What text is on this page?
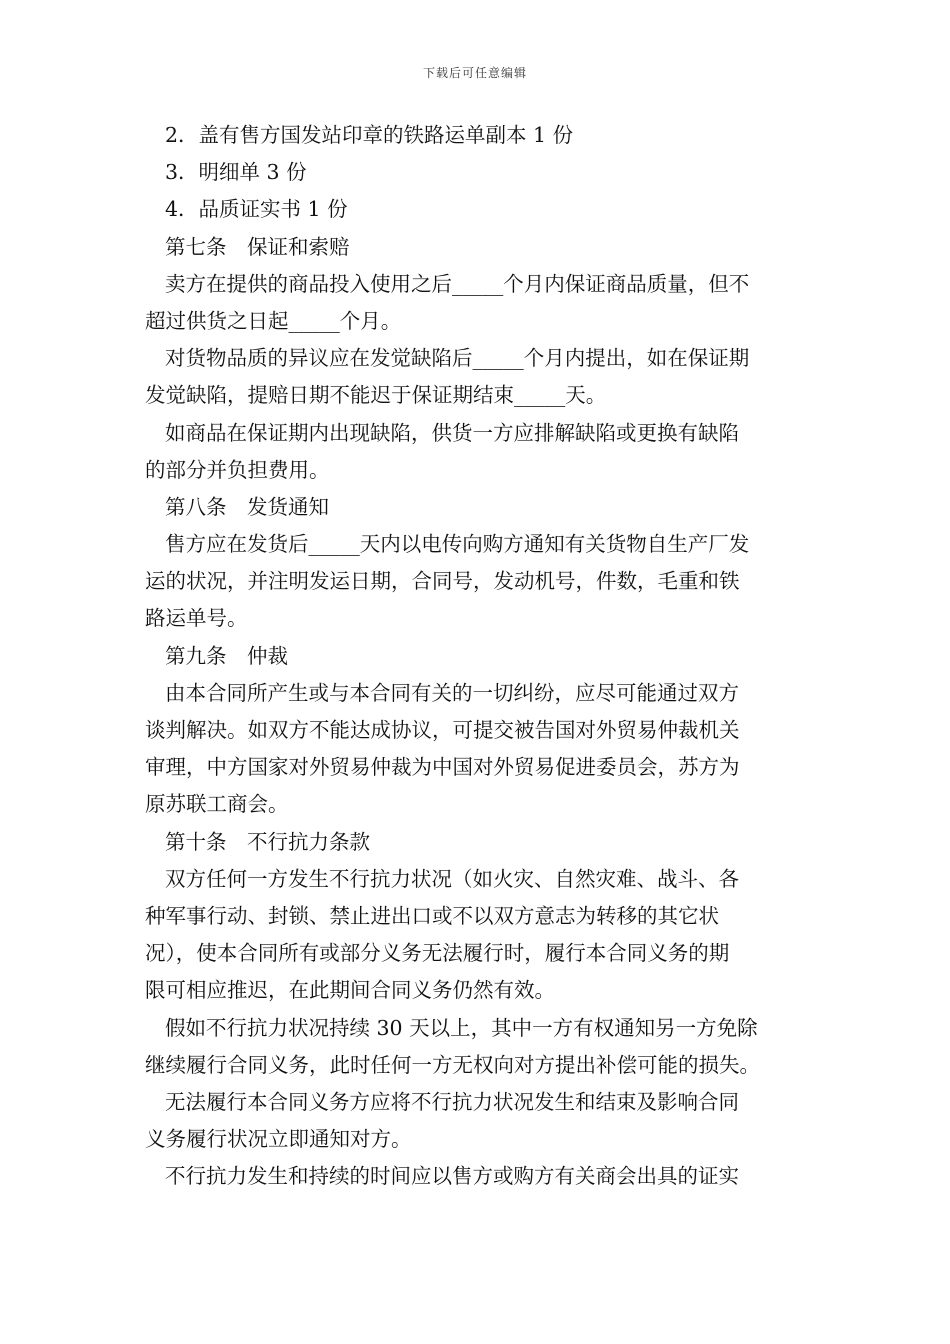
下载后可任意编辑
2．盖有售方国发站印章的铁路运单副本 1 份
3．明细单 3 份
4．品质证实书 1 份
第七条　保证和索赔
卖方在提供的商品投入使用之后_____个月内保证商品质量，但不
超过供货之日起_____个月。
对货物品质的异议应在发觉缺陷后_____个月内提出，如在保证期
发觉缺陷，提赔日期不能迟于保证期结束_____天。
如商品在保证期内出现缺陷，供货一方应排解缺陷或更换有缺陷
的部分并负担费用。
第八条　发货通知
售方应在发货后_____天内以电传向购方通知有关货物自生产厂发
运的状况，并注明发运日期，合同号，发动机号，件数，毛重和铁
路运单号。
第九条　仲裁
由本合同所产生或与本合同有关的一切纠纷，应尽可能通过双方
谈判解决。如双方不能达成协议，可提交被告国对外贸易仲裁机关
审理，中方国家对外贸易仲裁为中国对外贸易促进委员会，苏方为
原苏联工商会。
第十条　不行抗力条款
双方任何一方发生不行抗力状况（如火灾、自然灾难、战斗、各
种军事行动、封锁、禁止进出口或不以双方意志为转移的其它状
况），使本合同所有或部分义务无法履行时，履行本合同义务的期
限可相应推迟，在此期间合同义务仍然有效。
假如不行抗力状况持续 30 天以上，其中一方有权通知另一方免除
继续履行合同义务，此时任何一方无权向对方提出补偿可能的损失。
无法履行本合同义务方应将不行抗力状况发生和结束及影响合同
义务履行状况立即通知对方。
不行抗力发生和持续的时间应以售方或购方有关商会出具的证实
